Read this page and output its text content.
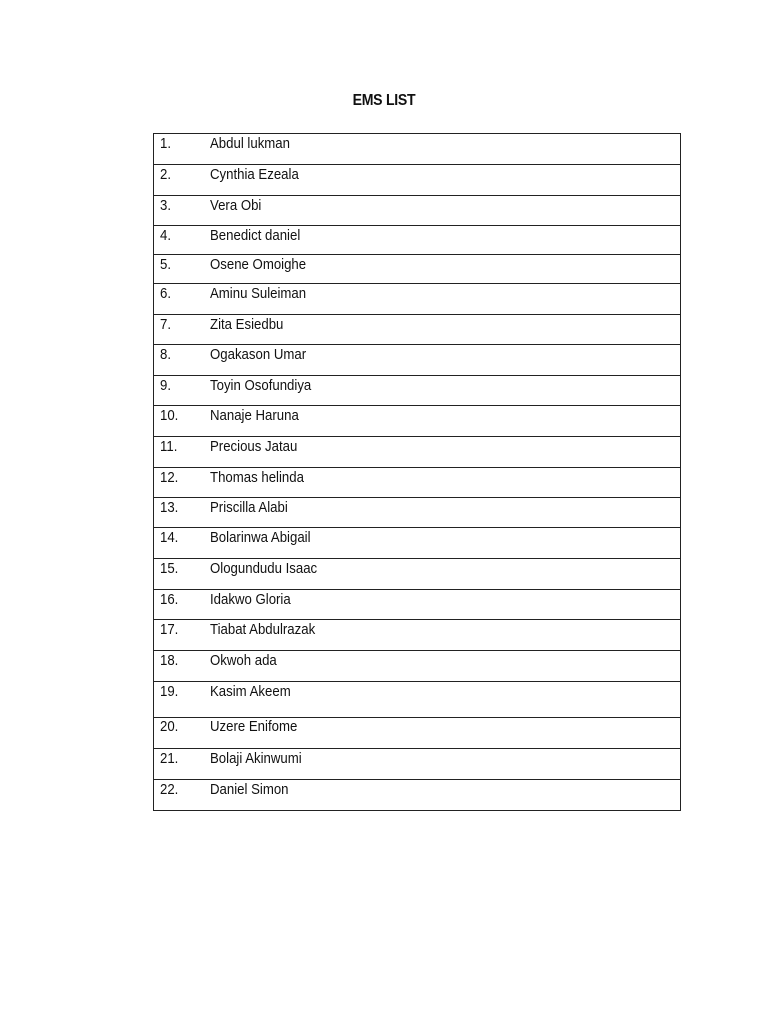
EMS LIST
1.	Abdul lukman
2.	Cynthia Ezeala
3.	Vera Obi
4.	Benedict daniel
5.	Osene Omoighe
6.	Aminu Suleiman
7.	Zita Esiedbu
8.	Ogakason Umar
9.	Toyin Osofundiya
10.	Nanaje Haruna
11.	Precious Jatau
12.	Thomas helinda
13.	Priscilla Alabi
14.	Bolarinwa Abigail
15.	Ologundudu Isaac
16.	Idakwo Gloria
17.	Tiabat Abdulrazak
18.	Okwoh ada
19.	Kasim Akeem
20.	Uzere Enifome
21.	Bolaji Akinwumi
22.	Daniel Simon
